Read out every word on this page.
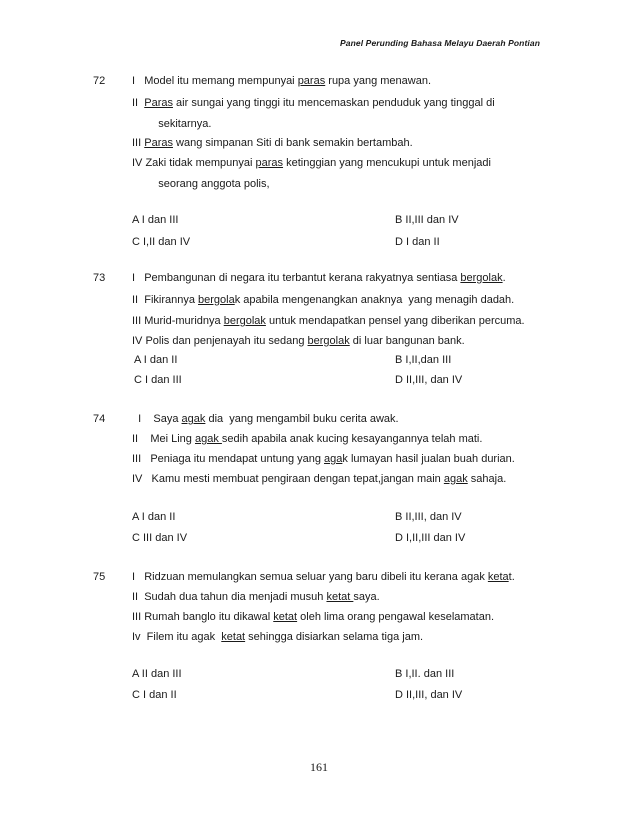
Panel Perunding Bahasa Melayu Daerah Pontian
72 I   Model itu memang mempunyai paras rupa yang menawan.
II  Paras air sungai yang tinggi itu mencemaskan penduduk yang tinggal di
sekitarnya.
III Paras wang simpanan Siti di bank semakin bertambah.
IV Zaki tidak mempunyai paras ketinggian yang mencukupi untuk menjadi
seorang anggota polis,
A I dan III	B II,III dan IV
C I,II dan IV	D I dan II
73 I   Pembangunan di negara itu terbantut kerana rakyatnya sentiasa bergolak.
II  Fikirannya bergolak apabila mengenangkan anaknya  yang menagih dadah.
III Murid-muridnya bergolak untuk mendapatkan pensel yang diberikan percuma.
IV Polis dan penjenayah itu sedang bergolak di luar bangunan bank.
A I dan II	B I,II,dan III
C I dan III	D II,III, dan IV
74 I    Saya agak dia  yang mengambil buku cerita awak.
II    Mei Ling agak sedih apabila anak kucing kesayangannya telah mati.
III   Peniaga itu mendapat untung yang agak lumayan hasil jualan buah durian.
IV   Kamu mesti membuat pengiraan dengan tepat,jangan main agak sahaja.
A I dan II	B II,III, dan IV
C III dan IV	D I,II,III dan IV
75 I   Ridzuan memulangkan semua seluar yang baru dibeli itu kerana agak ketat.
II  Sudah dua tahun dia menjadi musuh ketat saya.
III Rumah banglo itu dikawal ketat oleh lima orang pengawal keselamatan.
Iv  Filem itu agak  ketat sehingga disiarkan selama tiga jam.
A II dan III	B I,II. dan III
C I dan II	D II,III, dan IV
161
